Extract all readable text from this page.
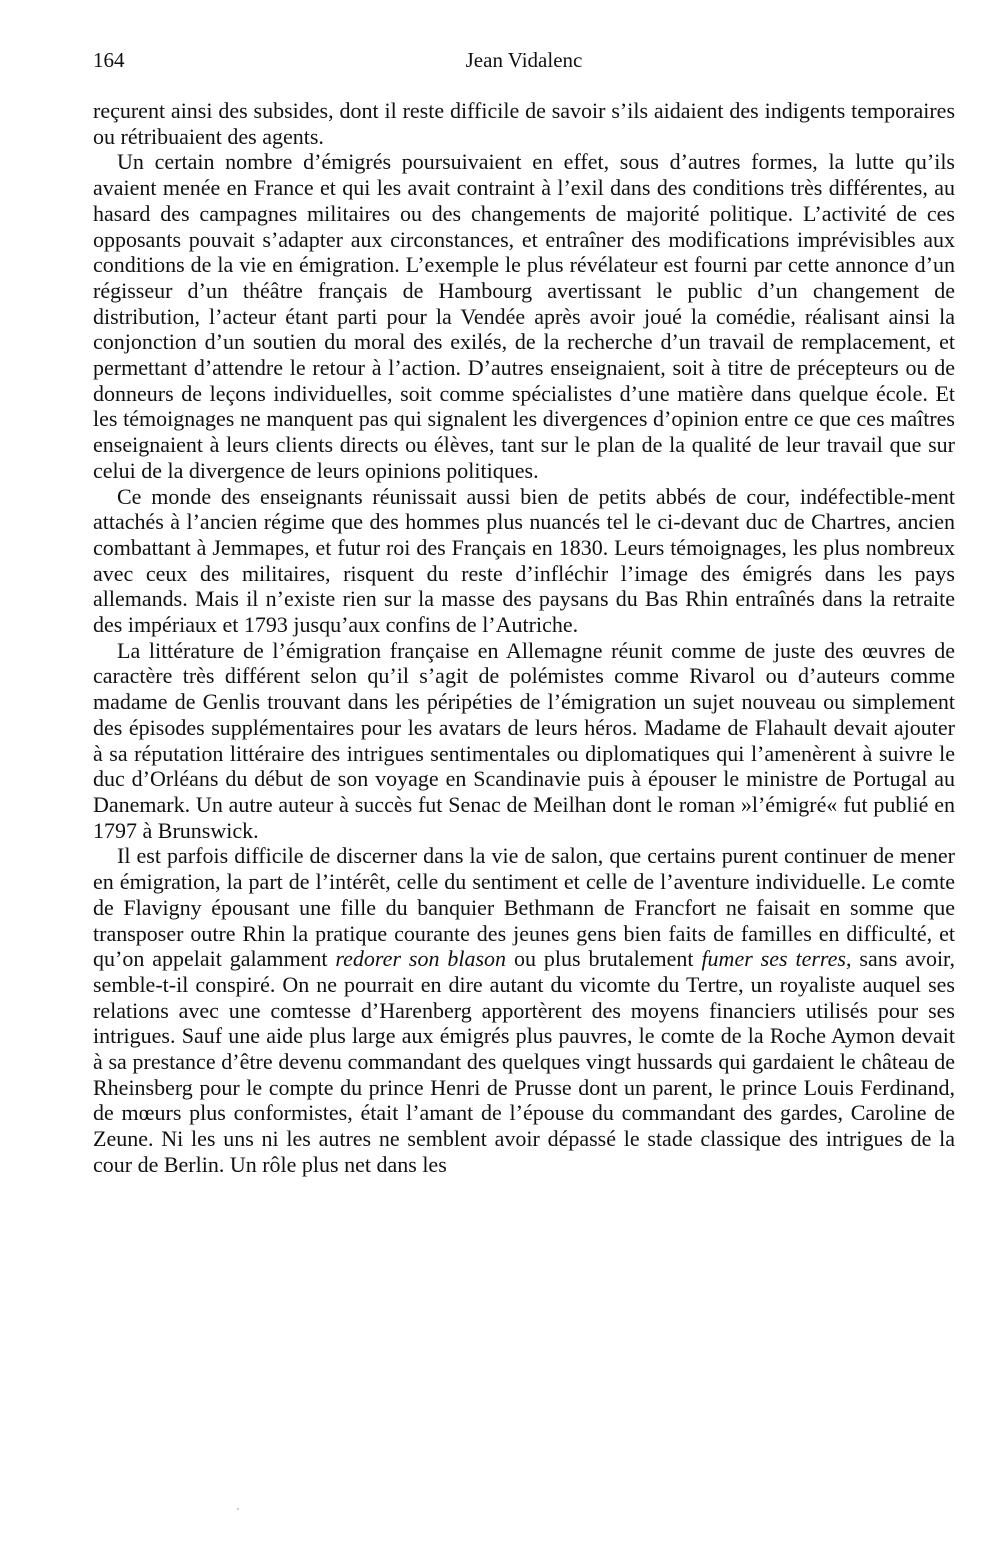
164	Jean Vidalenc

reçurent ainsi des subsides, dont il reste difficile de savoir s’ils aidaient des indigents temporaires ou rétribuaient des agents.

Un certain nombre d’émigrés poursuivaient en effet, sous d’autres formes, la lutte qu’ils avaient menée en France et qui les avait contraint à l’exil dans des conditions très différentes, au hasard des campagnes militaires ou des changements de majorité politique. L’activité de ces opposants pouvait s’adapter aux circonstances, et entraîner des modifications imprévisibles aux conditions de la vie en émigration. L’exemple le plus révélateur est fourni par cette annonce d’un régisseur d’un théâtre français de Hambourg avertissant le public d’un changement de distribution, l’acteur étant parti pour la Vendée après avoir joué la comédie, réalisant ainsi la conjonction d’un soutien du moral des exilés, de la recherche d’un travail de remplacement, et permettant d’attendre le retour à l’action. D’autres enseignaient, soit à titre de précepteurs ou de donneurs de leçons individuelles, soit comme spécialistes d’une matière dans quelque école. Et les témoignages ne manquent pas qui signalent les divergences d’opinion entre ce que ces maîtres enseignaient à leurs clients directs ou élèves, tant sur le plan de la qualité de leur travail que sur celui de la divergence de leurs opinions politiques.

Ce monde des enseignants réunissait aussi bien de petits abbés de cour, indéfectible-ment attachés à l’ancien régime que des hommes plus nuancés tel le ci-devant duc de Chartres, ancien combattant à Jemmapes, et futur roi des Français en 1830. Leurs témoignages, les plus nombreux avec ceux des militaires, risquent du reste d’infléchir l’image des émigrés dans les pays allemands. Mais il n’existe rien sur la masse des paysans du Bas Rhin entraînés dans la retraite des impériaux et 1793 jusqu’aux confins de l’Autriche.

La littérature de l’émigration française en Allemagne réunit comme de juste des œuvres de caractère très différent selon qu’il s’agit de polémistes comme Rivarol ou d’auteurs comme madame de Genlis trouvant dans les péripéties de l’émigration un sujet nouveau ou simplement des épisodes supplémentaires pour les avatars de leurs héros. Madame de Flahault devait ajouter à sa réputation littéraire des intrigues sentimentales ou diplomatiques qui l’amenèrent à suivre le duc d’Orléans du début de son voyage en Scandinavie puis à épouser le ministre de Portugal au Danemark. Un autre auteur à succès fut Senac de Meilhan dont le roman »l’émigré« fut publié en 1797 à Brunswick.

Il est parfois difficile de discerner dans la vie de salon, que certains purent continuer de mener en émigration, la part de l’intérêt, celle du sentiment et celle de l’aventure individuelle. Le comte de Flavigny épousant une fille du banquier Bethmann de Francfort ne faisait en somme que transposer outre Rhin la pratique courante des jeunes gens bien faits de familles en difficulté, et qu’on appelait galamment redorer son blason ou plus brutalement fumer ses terres, sans avoir, semble-t-il conspiré. On ne pourrait en dire autant du vicomte du Tertre, un royaliste auquel ses relations avec une comtesse d’Harenberg apportèrent des moyens financiers utilisés pour ses intrigues. Sauf une aide plus large aux émigrés plus pauvres, le comte de la Roche Aymon devait à sa prestance d’être devenu commandant des quelques vingt hussards qui gardaient le château de Rheinsberg pour le compte du prince Henri de Prusse dont un parent, le prince Louis Ferdinand, de mœurs plus conformistes, était l’amant de l’épouse du commandant des gardes, Caroline de Zeune. Ni les uns ni les autres ne semblent avoir dépassé le stade classique des intrigues de la cour de Berlin. Un rôle plus net dans les
